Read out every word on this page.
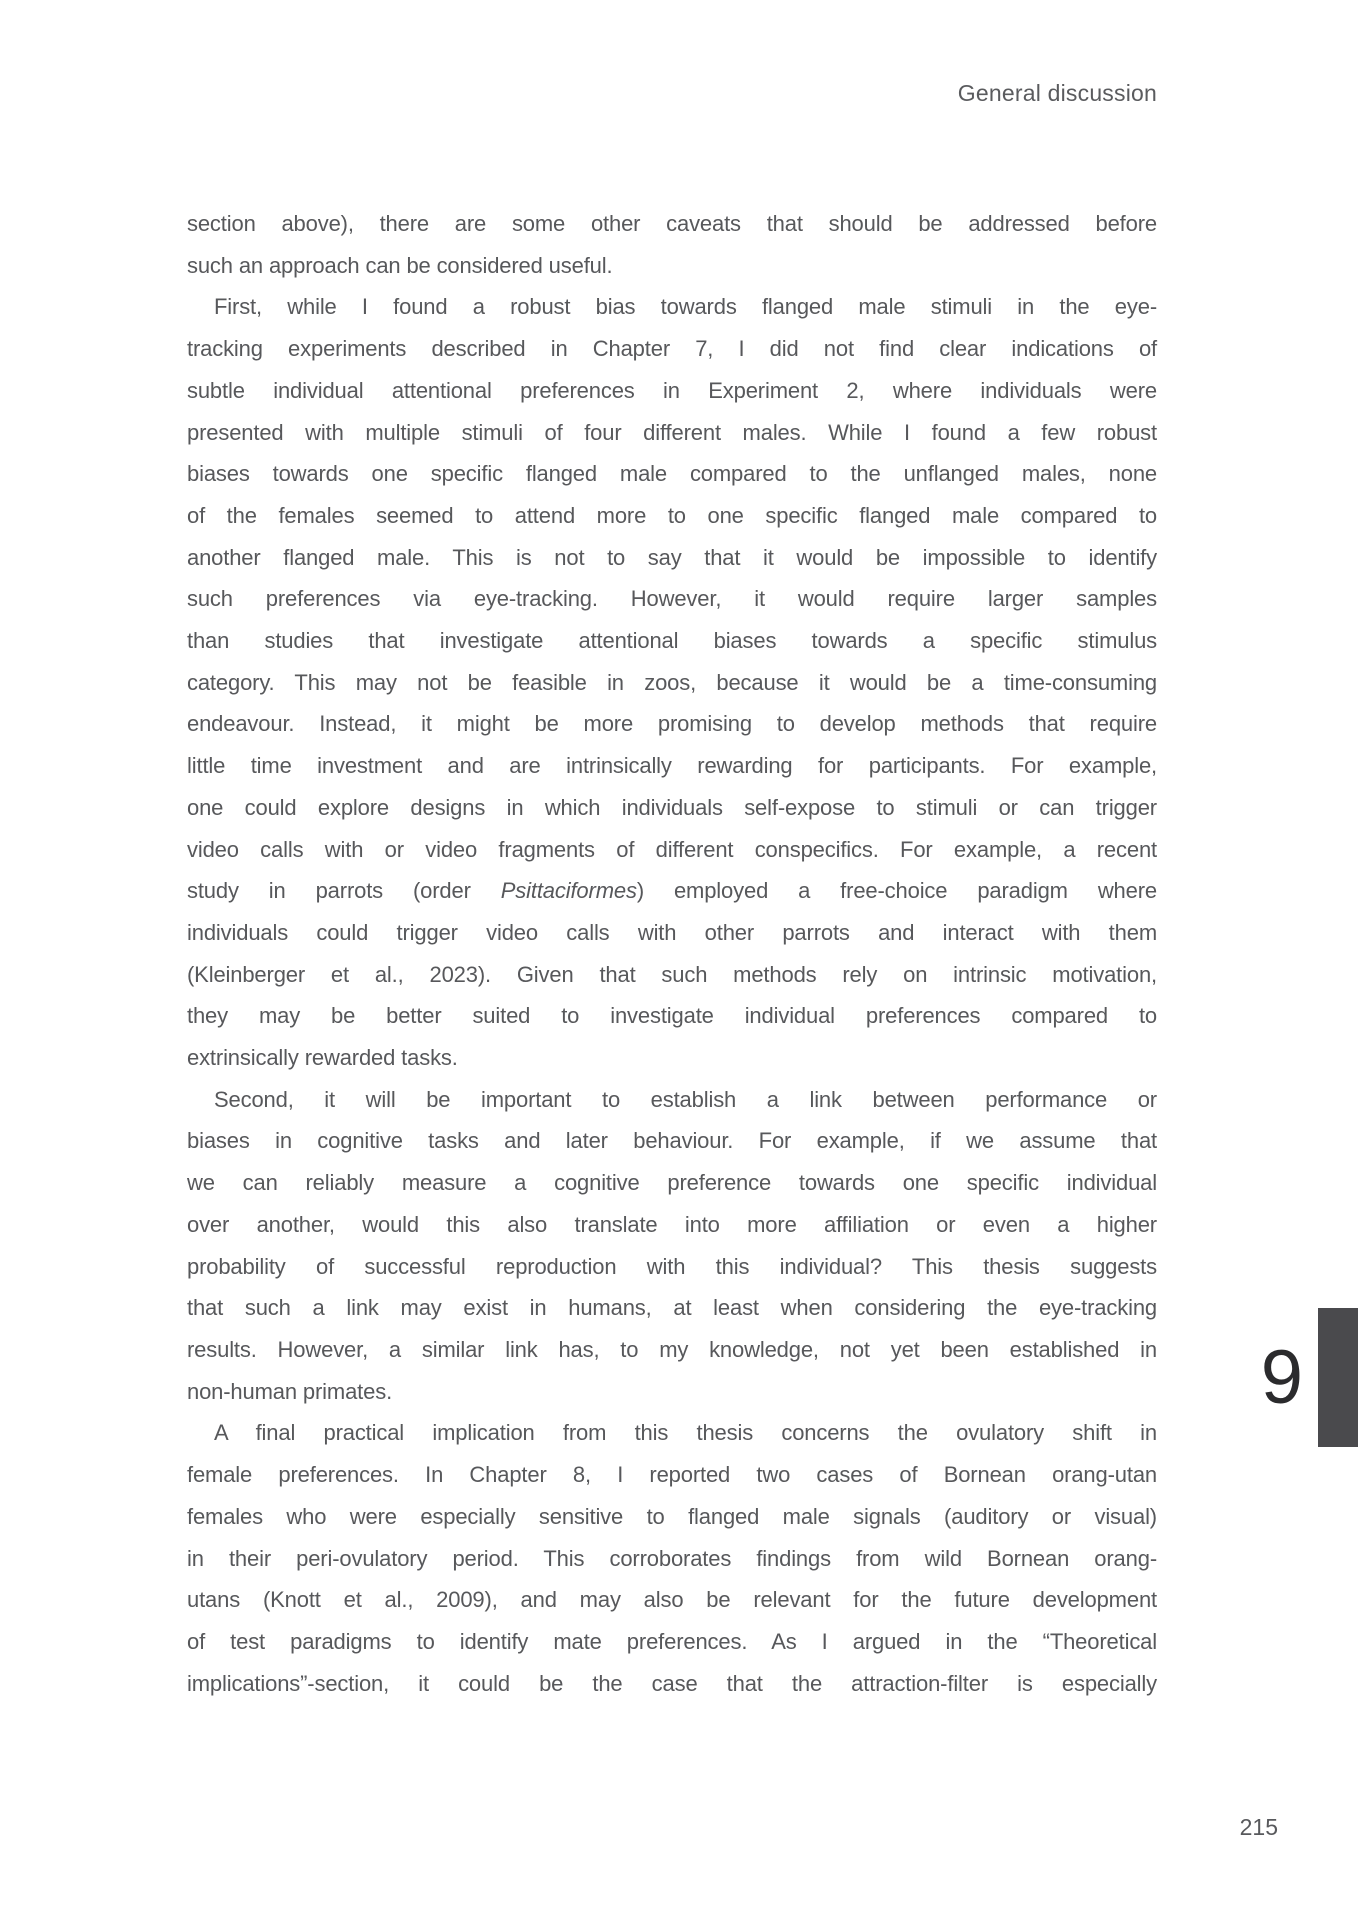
General discussion
section above), there are some other caveats that should be addressed before
such an approach can be considered useful.
First, while I found a robust bias towards flanged male stimuli in the eye-
tracking experiments described in Chapter 7, I did not find clear indications of
subtle individual attentional preferences in Experiment 2, where individuals were
presented with multiple stimuli of four different males. While I found a few robust
biases towards one specific flanged male compared to the unflanged males, none
of the females seemed to attend more to one specific flanged male compared to
another flanged male. This is not to say that it would be impossible to identify
such preferences via eye-tracking. However, it would require larger samples
than studies that investigate attentional biases towards a specific stimulus
category. This may not be feasible in zoos, because it would be a time-consuming
endeavour. Instead, it might be more promising to develop methods that require
little time investment and are intrinsically rewarding for participants. For example,
one could explore designs in which individuals self-expose to stimuli or can trigger
video calls with or video fragments of different conspecifics. For example, a recent
study in parrots (order Psittaciformes) employed a free-choice paradigm where
individuals could trigger video calls with other parrots and interact with them
(Kleinberger et al., 2023). Given that such methods rely on intrinsic motivation,
they may be better suited to investigate individual preferences compared to
extrinsically rewarded tasks.
Second, it will be important to establish a link between performance or
biases in cognitive tasks and later behaviour. For example, if we assume that
we can reliably measure a cognitive preference towards one specific individual
over another, would this also translate into more affiliation or even a higher
probability of successful reproduction with this individual? This thesis suggests
that such a link may exist in humans, at least when considering the eye-tracking
results. However, a similar link has, to my knowledge, not yet been established in
non-human primates.
A final practical implication from this thesis concerns the ovulatory shift in
female preferences. In Chapter 8, I reported two cases of Bornean orang-utan
females who were especially sensitive to flanged male signals (auditory or visual)
in their peri-ovulatory period. This corroborates findings from wild Bornean orang-
utans (Knott et al., 2009), and may also be relevant for the future development
of test paradigms to identify mate preferences. As I argued in the “Theoretical
implications”-section, it could be the case that the attraction-filter is especially
9
215
